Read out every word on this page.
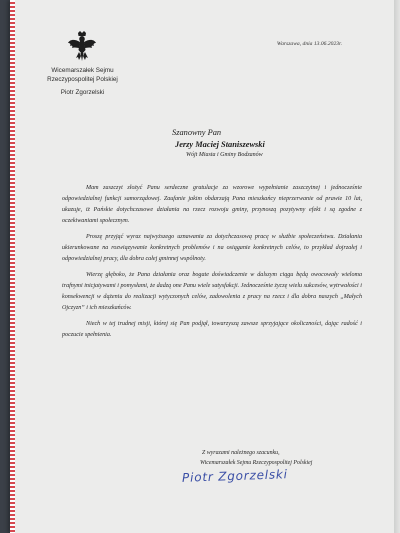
Wicemarszałek Sejmu
Rzeczypospolitej Polskiej
Piotr Zgorzelski
Warszawa, dnia 13.06.2023r.
Szanowny Pan
Jerzy Maciej Staniszewski
Wójt Miasta i Gminy Bodzanów

Mam zaszczyt złożyć Panu serdeczne gratulacje za wzorowe wypełnianie zaszczytnej i jednocześnie odpowiedzialnej funkcji samorządowej. Zaufanie jakim obdarzają Pana mieszkańcy nieprzerwanie od prawie 10 lat, ukazuje, iż Pańskie dotychczasowe działania na rzecz rozwoju gminy, przynoszą pozytywny efekt i są zgodne z oczekiwaniami społecznym.

Proszę przyjąć wyraz najwyższego uznawania za dotychczasową pracę w służbie społeczeństwu. Działania ukierunkowane na rozwiązywanie konkretnych problemów i na osiąganie konkretnych celów, to przykład dojrzałej i odpowiedzialnej pracy, dla dobra całej gminnej wspólnoty.

Wierzę głęboko, że Pana działania oraz bogate doświadczenie w dalszym ciągu będą owocowały wieloma trafnymi inicjatywami i pomysłami, że dadzą one Panu wiele satysfakcji. Jednocześnie życzę wielu sukcesów, wytrwałości i konsekwencji w dążeniu do realizacji wytyczonych celów, zadowolenia z pracy na rzecz i dla dobra naszych „Małych Ojczyzn” i ich mieszkańców.

Niech w tej trudnej misji, której się Pan podjął, towarzyszą zawsze sprzyjające okoliczności, dając radość i poczucie spełnienia.

Z wyrazami należnego szacunku,
Wicemarszałek Sejmu Rzeczypospolitej Polskiej
Piotr Zgorzelski
